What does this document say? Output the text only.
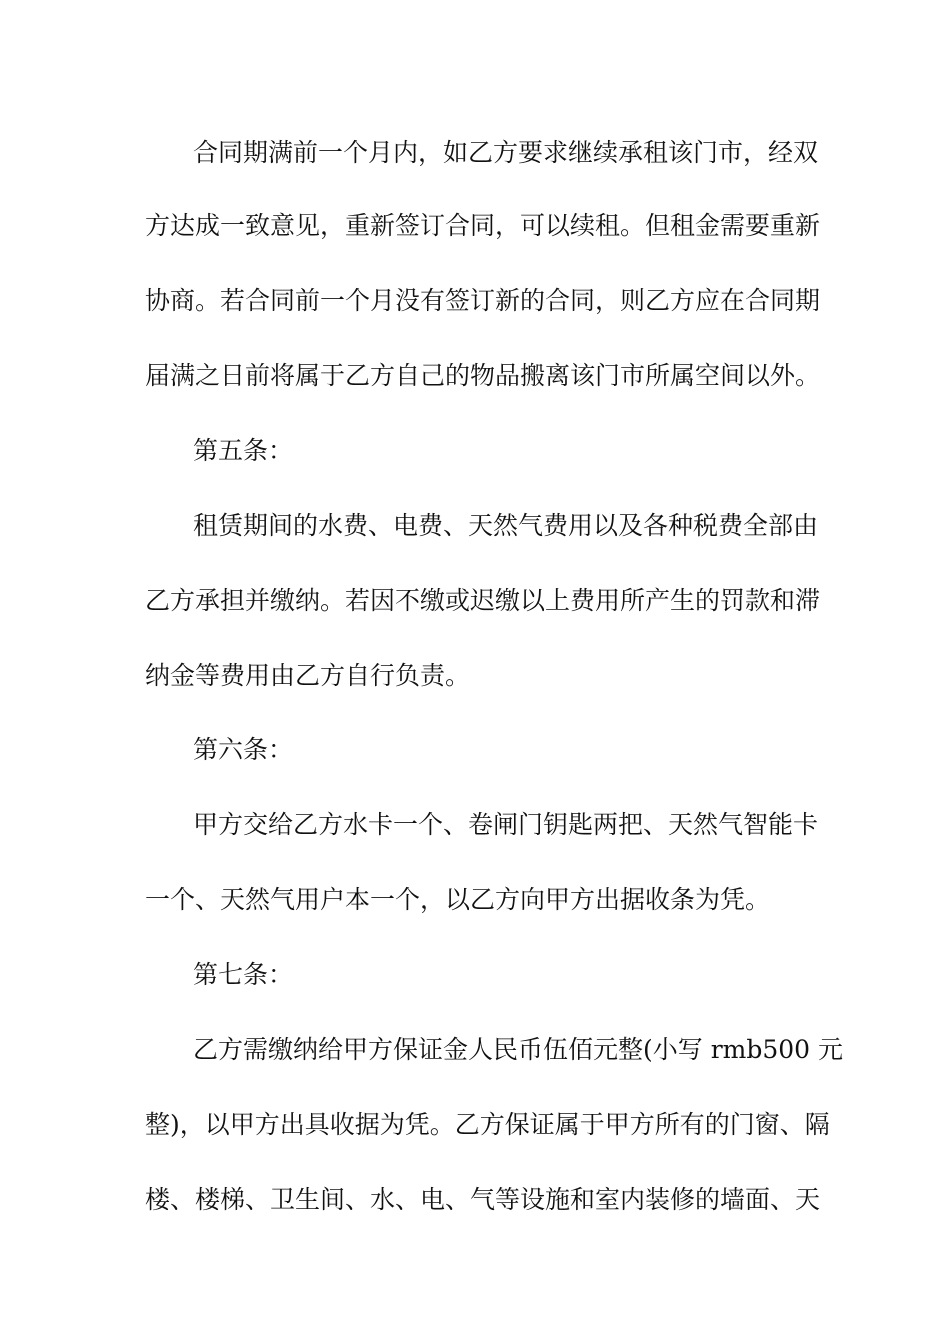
合同期满前一个月内，如乙方要求继续承租该门市，经双
方达成一致意见，重新签订合同，可以续租。但租金需要重新
协商。若合同前一个月没有签订新的合同，则乙方应在合同期
届满之日前将属于乙方自己的物品搬离该门市所属空间以外。
第五条：
租赁期间的水费、电费、天然气费用以及各种税费全部由
乙方承担并缴纳。若因不缴或迟缴以上费用所产生的罚款和滞
纳金等费用由乙方自行负责。
第六条：
甲方交给乙方水卡一个、卷闸门钥匙两把、天然气智能卡
一个、天然气用户本一个，以乙方向甲方出据收条为凭。
第七条：
乙方需缴纳给甲方保证金人民币伍佰元整(小写 rmb500 元
整)，以甲方出具收据为凭。乙方保证属于甲方所有的门窗、隔
楼、楼梯、卫生间、水、电、气等设施和室内装修的墙面、天
